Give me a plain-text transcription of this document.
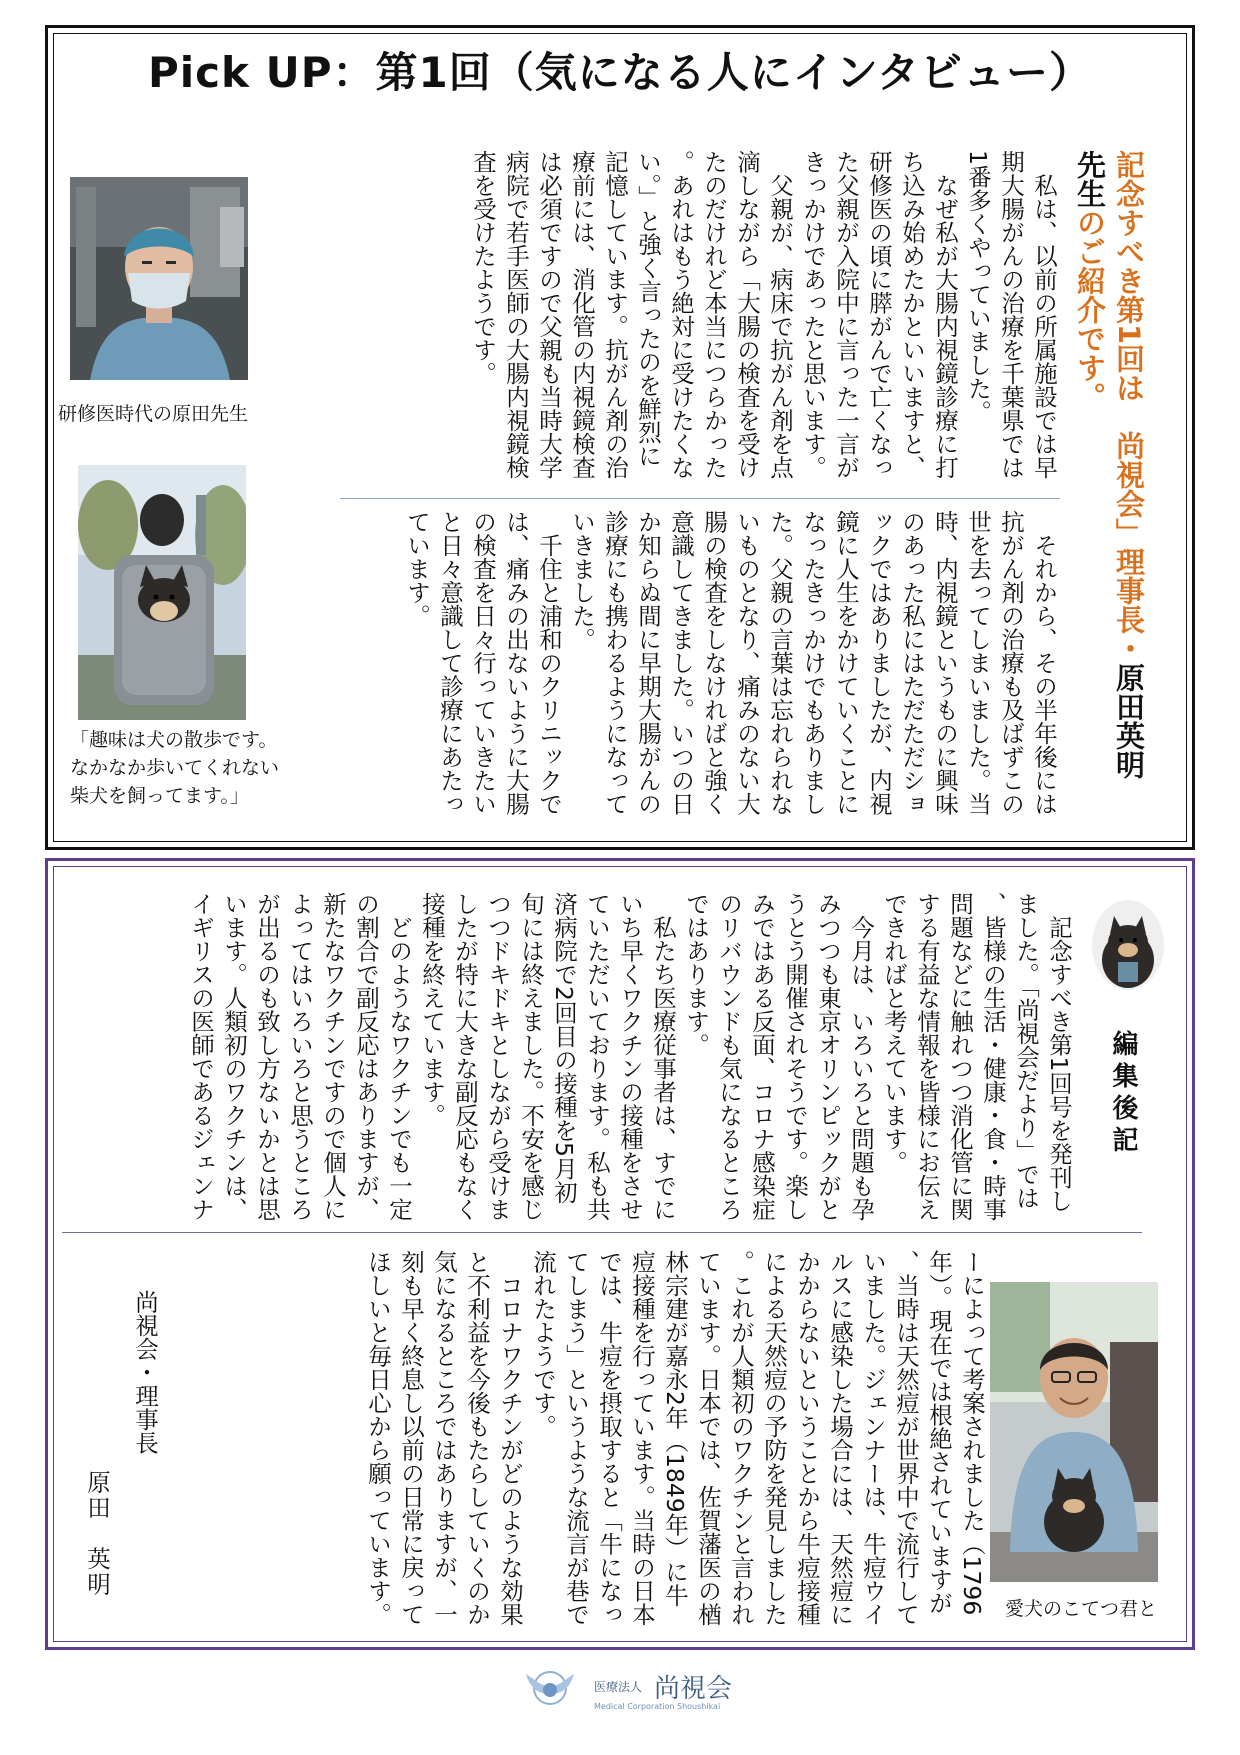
Pick UP：第1回（気になる人にインタビュー）
記念すべき第1回は　尚視会」理事長・原田英明
先生のご紹介です。
　私は、以前の所属施設では早期大腸がんの治療を千葉県では1番多くやっていました。
　なぜ私が大腸内視鏡診療に打ち込み始めたかといいますと、研修医の頃に膵がんで亡くなった父親が入院中に言った一言がきっかけであったと思います。
　父親が、病床で抗がん剤を点滴しながら「大腸の検査を受けたのだけれど本当につらかった。あれはもう絶対に受けたくない。」と強く言ったのを鮮烈に記憶しています。抗がん剤の治療前には、消化管の内視鏡検査は必須ですので父親も当時大学病院で若手医師の大腸内視鏡検査を受けたようです。
　それから、その半年後には抗がん剤の治療も及ばずこの世を去ってしまいました。当時、内視鏡というものに興味のあった私にはただただショックではありましたが、内視鏡に人生をかけていくことになったきっかけでもありました。父親の言葉は忘れられないものとなり、痛みのない大腸の検査をしなければと強く意識してきました。いつの日か知らぬ間に早期大腸がんの診療にも携わるようになっていきました。
　千住と浦和のクリニックでは、痛みの出ないように大腸の検査を日々行っていきたいと日々意識して診療にあたっています。
研修医時代の原田先生
「趣味は犬の散歩です。
なかなか歩いてくれない
柴犬を飼ってます。」
編集後記
　記念すべき第1回号を発刊しました。「尚視会だより」では、皆様の生活・健康・食・時事問題などに触れつつ消化管に関する有益な情報を皆様にお伝えできればと考えています。
　今月は、いろいろと問題も孕みつつも東京オリンピックがとうとう開催されそうです。楽しみではある反面、コロナ感染症のリバウンドも気になるところではあります。
　私たち医療従事者は、すでにいち早くワクチンの接種をさせていただいております。私も共済病院で2回目の接種を5月初旬には終えました。不安を感じつつドキドキとしながら受けましたが特に大きな副反応もなく接種を終えています。
　どのようなワクチンでも一定の割合で副反応はありますが、新たなワクチンですので個人によってはいろいろと思うところが出るのも致し方ないかとは思います。人類初のワクチンは、イギリスの医師であるジェンナ
ーによって考案されました（1796年）。現在では根絶されていますが、当時は天然痘が世界中で流行していました。ジェンナーは、牛痘ウイルスに感染した場合には、天然痘にかからないということから牛痘接種による天然痘の予防を発見しました。これが人類初のワクチンと言われています。日本では、佐賀藩医の楢林宗建が嘉永2年（1849年）に牛痘接種を行っています。当時の日本では、牛痘を摂取すると「牛になってしまう」というような流言が巷で流れたようです。
　コロナワクチンがどのような効果と不利益を今後もたらしていくのか気になるところではありますが、一刻も早く終息し以前の日常に戻ってほしいと毎日心から願っています。
尚視会・理事長
原田　英明
愛犬のこてつ君と
医療法人 尚視会
Medical Corporation Shoushikai
